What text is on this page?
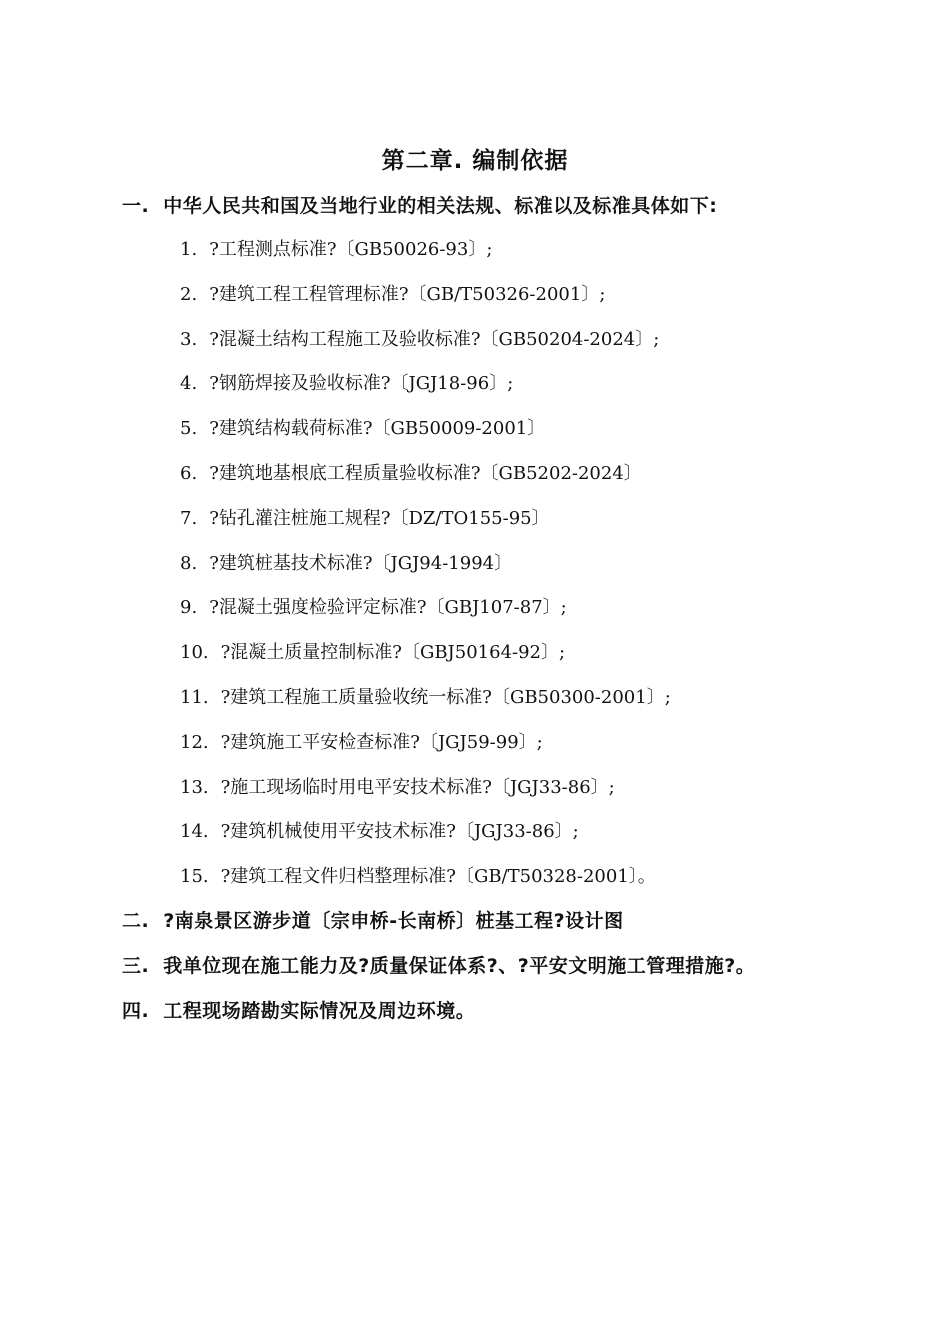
第二章. 编制依据
一. 中华人民共和国及当地行业的相关法规、标准以及标准具体如下:
1. ?工程测点标准?〔GB50026-93〕;
2. ?建筑工程工程管理标准?〔GB/T50326-2001〕;
3. ?混凝土结构工程施工及验收标准?〔GB50204-2024〕;
4. ?钢筋焊接及验收标准?〔JGJ18-96〕;
5. ?建筑结构载荷标准?〔GB50009-2001〕
6. ?建筑地基根底工程质量验收标准?〔GB5202-2024〕
7. ?钻孔灌注桩施工规程?〔DZ/TO155-95〕
8. ?建筑桩基技术标准?〔JGJ94-1994〕
9. ?混凝土强度检验评定标准?〔GBJ107-87〕;
10. ?混凝土质量控制标准?〔GBJ50164-92〕;
11. ?建筑工程施工质量验收统一标准?〔GB50300-2001〕;
12. ?建筑施工平安检查标准?〔JGJ59-99〕;
13. ?施工现场临时用电平安技术标准?〔JGJ33-86〕;
14. ?建筑机械使用平安技术标准?〔JGJ33-86〕;
15. ?建筑工程文件归档整理标准?〔GB/T50328-2001〕。
二. ?南泉景区游步道〔宗申桥-长南桥〕桩基工程?设计图
三. 我单位现在施工能力及?质量保证体系?、?平安文明施工管理措施?。
四. 工程现场踏勘实际情况及周边环境。
